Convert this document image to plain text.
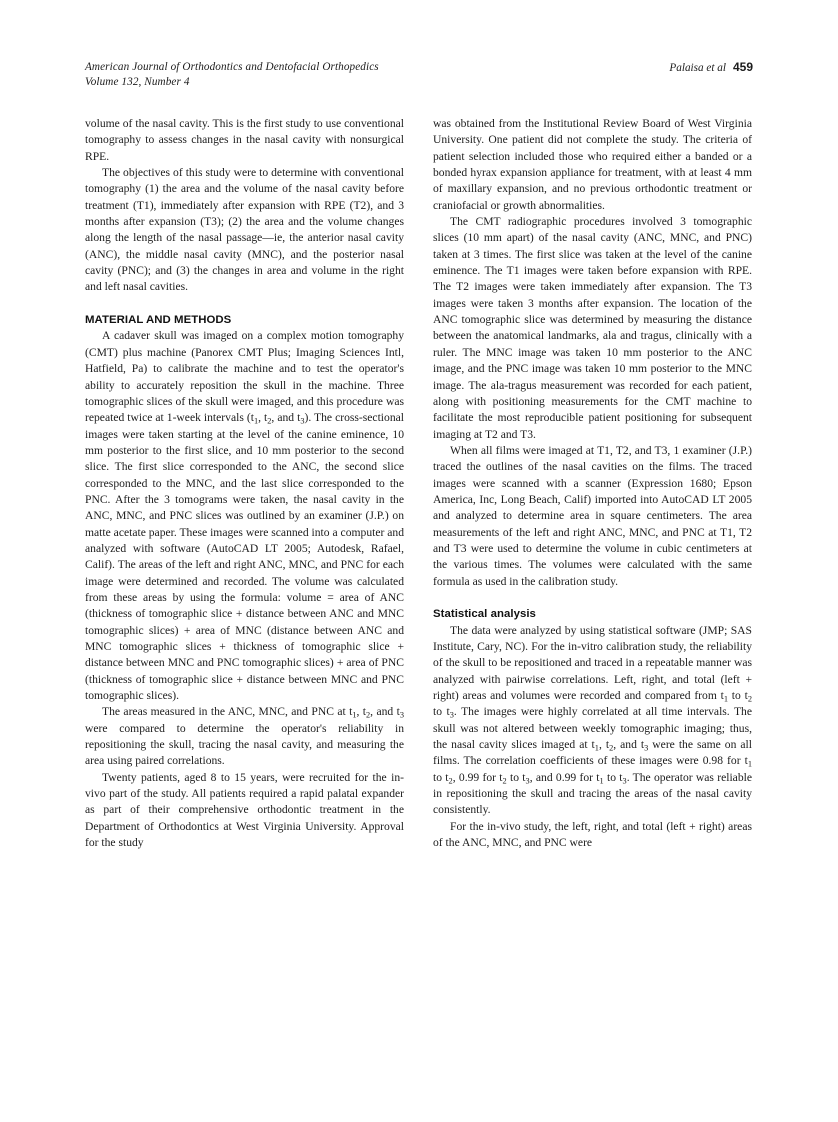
American Journal of Orthodontics and Dentofacial Orthopedics
Volume 132, Number 4
Palaisa et al 459

volume of the nasal cavity. This is the first study to use conventional tomography to assess changes in the nasal cavity with nonsurgical RPE.

The objectives of this study were to determine with conventional tomography (1) the area and the volume of the nasal cavity before treatment (T1), immediately after expansion with RPE (T2), and 3 months after expansion (T3); (2) the area and the volume changes along the length of the nasal passage—ie, the anterior nasal cavity (ANC), the middle nasal cavity (MNC), and the posterior nasal cavity (PNC); and (3) the changes in area and volume in the right and left nasal cavities.

MATERIAL AND METHODS

A cadaver skull was imaged on a complex motion tomography (CMT) plus machine (Panorex CMT Plus; Imaging Sciences Intl, Hatfield, Pa) to calibrate the machine and to test the operator's ability to accurately reposition the skull in the machine. Three tomographic slices of the skull were imaged, and this procedure was repeated twice at 1-week intervals ($t_1$, $t_2$, and $t_3$). The cross-sectional images were taken starting at the level of the canine eminence, 10 mm posterior to the first slice, and 10 mm posterior to the second slice. The first slice corresponded to the ANC, the second slice corresponded to the MNC, and the last slice corresponded to the PNC. After the 3 tomograms were taken, the nasal cavity in the ANC, MNC, and PNC slices was outlined by an examiner (J.P.) on matte acetate paper. These images were scanned into a computer and analyzed with software (AutoCAD LT 2005; Autodesk, Rafael, Calif). The areas of the left and right ANC, MNC, and PNC for each image were determined and recorded. The volume was calculated from these areas by using the formula: volume = area of ANC (thickness of tomographic slice + distance between ANC and MNC tomographic slices) + area of MNC (distance between ANC and MNC tomographic slices + thickness of tomographic slice + distance between MNC and PNC tomographic slices) + area of PNC (thickness of tomographic slice + distance between MNC and PNC tomographic slices).

The areas measured in the ANC, MNC, and PNC at $t_1$, $t_2$, and $t_3$ were compared to determine the operator's reliability in repositioning the skull, tracing the nasal cavity, and measuring the area using paired correlations.

Twenty patients, aged 8 to 15 years, were recruited for the in-vivo part of the study. All patients required a rapid palatal expander as part of their comprehensive orthodontic treatment in the Department of Orthodontics at West Virginia University. Approval for the study

was obtained from the Institutional Review Board of West Virginia University. One patient did not complete the study. The criteria of patient selection included those who required either a banded or a bonded hyrax expansion appliance for treatment, with at least 4 mm of maxillary expansion, and no previous orthodontic treatment or craniofacial or growth abnormalities.

The CMT radiographic procedures involved 3 tomographic slices (10 mm apart) of the nasal cavity (ANC, MNC, and PNC) taken at 3 times. The first slice was taken at the level of the canine eminence. The T1 images were taken before expansion with RPE. The T2 images were taken immediately after expansion. The T3 images were taken 3 months after expansion. The location of the ANC tomographic slice was determined by measuring the distance between the anatomical landmarks, ala and tragus, clinically with a ruler. The MNC image was taken 10 mm posterior to the ANC image, and the PNC image was taken 10 mm posterior to the MNC image. The ala-tragus measurement was recorded for each patient, along with positioning measurements for the CMT machine to facilitate the most reproducible patient positioning for subsequent imaging at T2 and T3.

When all films were imaged at T1, T2, and T3, 1 examiner (J.P.) traced the outlines of the nasal cavities on the films. The traced images were scanned with a scanner (Expression 1680; Epson America, Inc, Long Beach, Calif) imported into AutoCAD LT 2005 and analyzed to determine area in square centimeters. The area measurements of the left and right ANC, MNC, and PNC at T1, T2 and T3 were used to determine the volume in cubic centimeters at the various times. The volumes were calculated with the same formula as used in the calibration study.

Statistical analysis

The data were analyzed by using statistical software (JMP; SAS Institute, Cary, NC). For the in-vitro calibration study, the reliability of the skull to be repositioned and traced in a repeatable manner was analyzed with pairwise correlations. Left, right, and total (left + right) areas and volumes were recorded and compared from $t_1$ to $t_2$ to $t_3$. The images were highly correlated at all time intervals. The skull was not altered between weekly tomographic imaging; thus, the nasal cavity slices imaged at $t_1$, $t_2$, and $t_3$ were the same on all films. The correlation coefficients of these images were 0.98 for $t_1$ to $t_2$, 0.99 for $t_2$ to $t_3$, and 0.99 for $t_1$ to $t_3$. The operator was reliable in repositioning the skull and tracing the areas of the nasal cavity consistently.

For the in-vivo study, the left, right, and total (left + right) areas of the ANC, MNC, and PNC were
